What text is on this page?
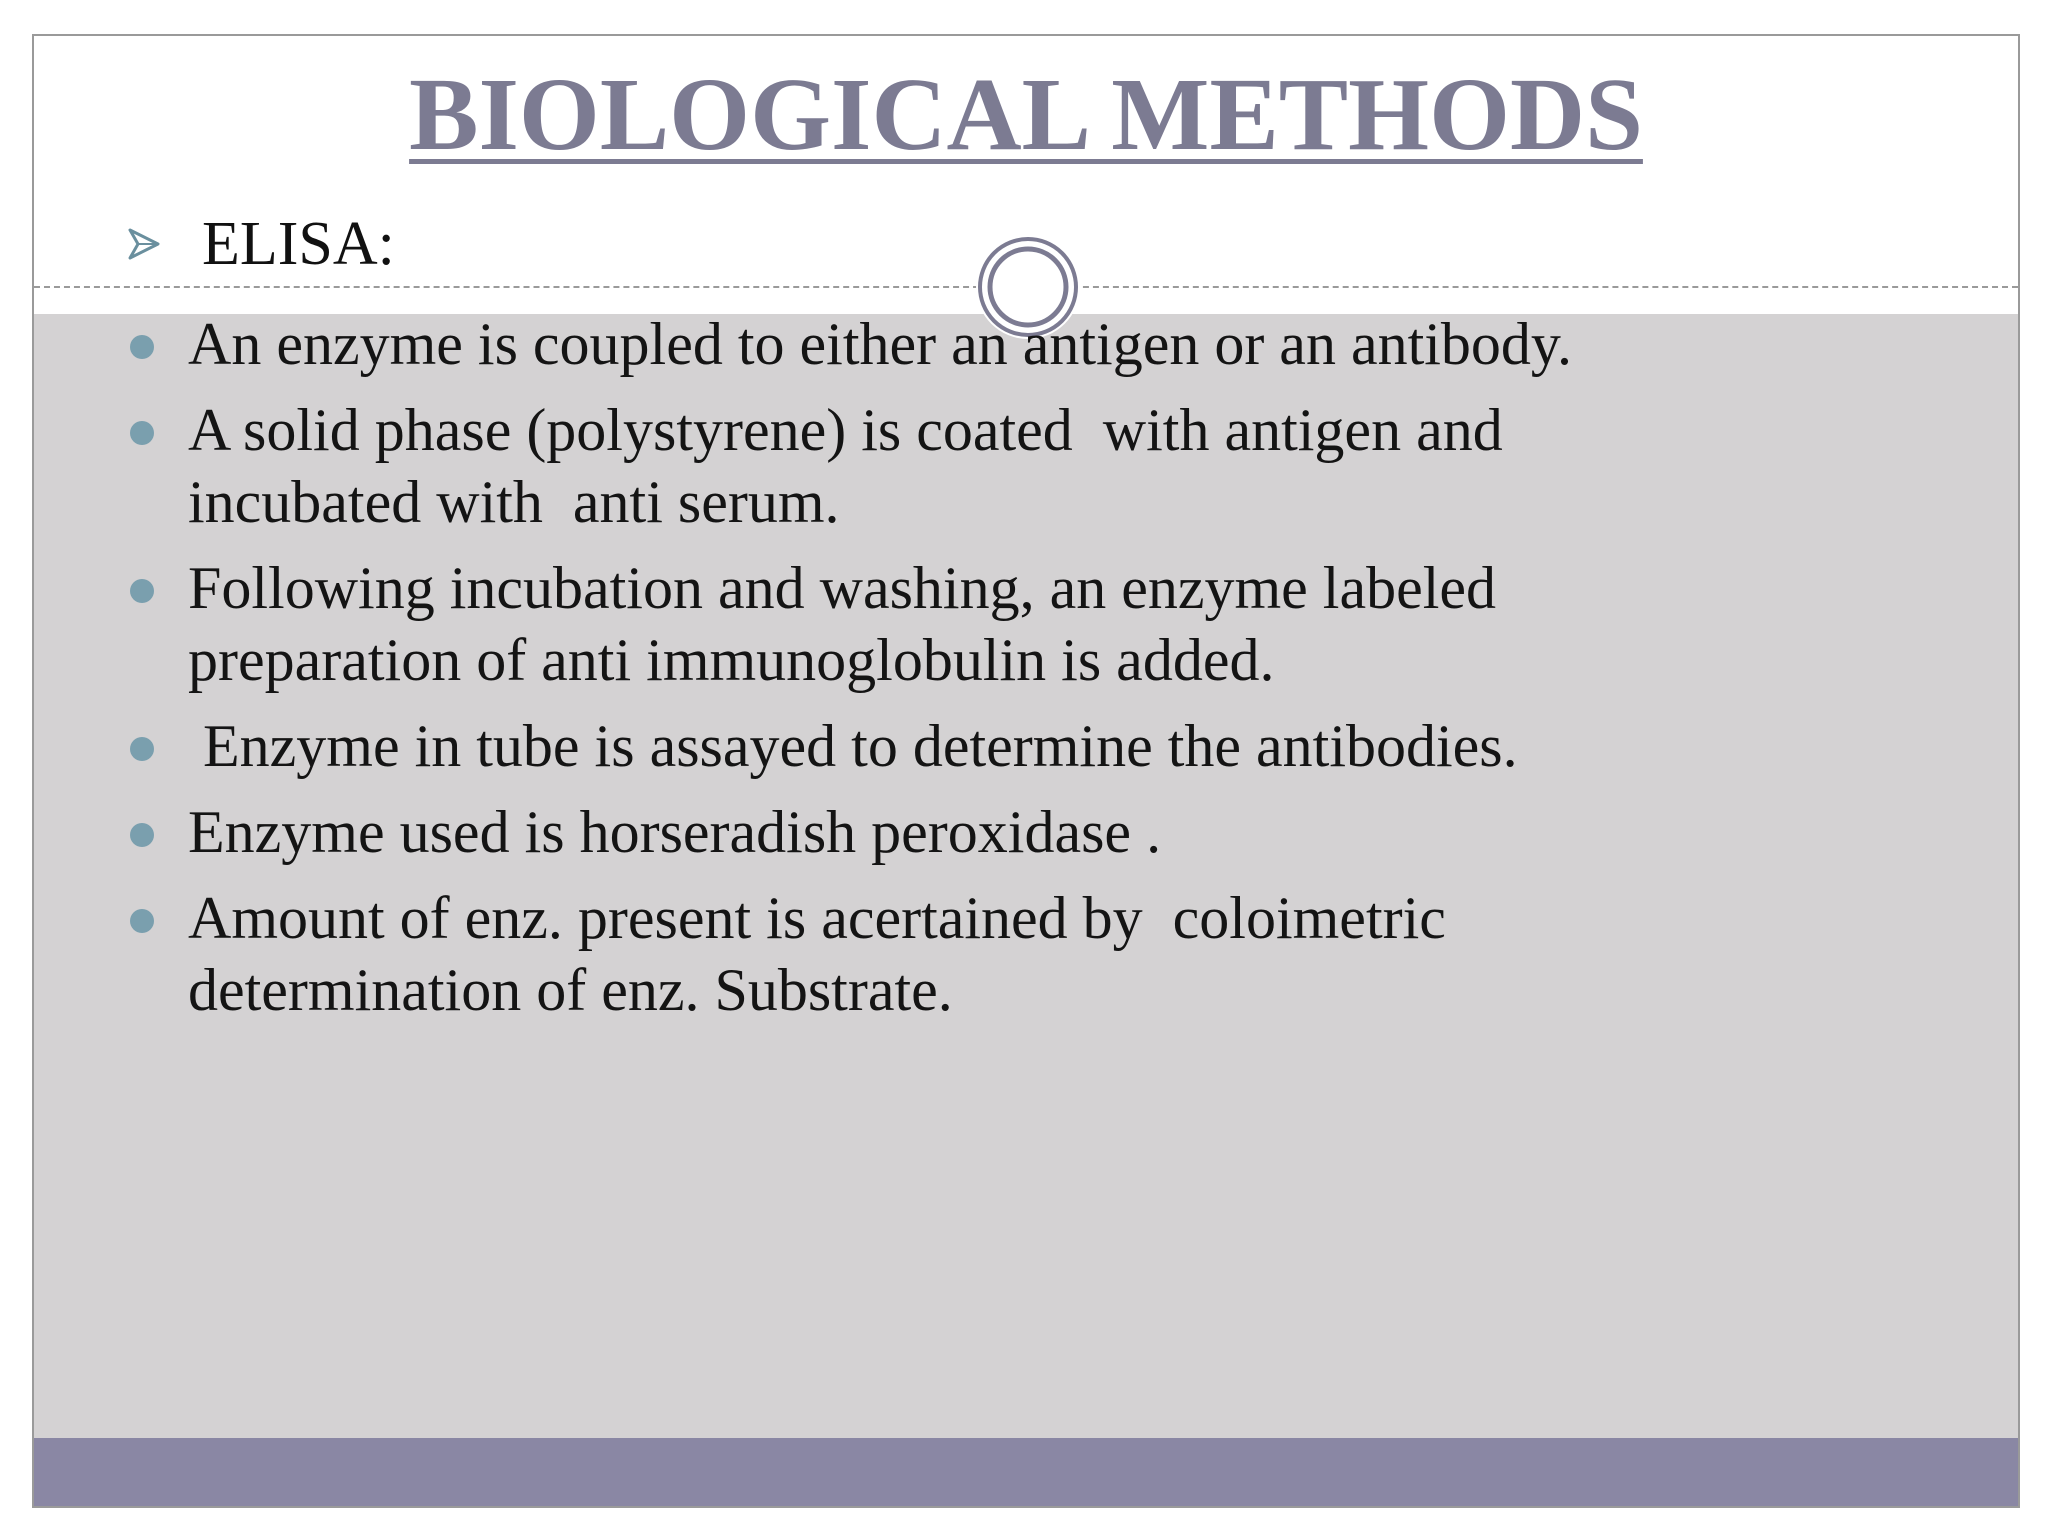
BIOLOGICAL METHODS
ELISA:
An enzyme is coupled to either an antigen or an antibody.
A solid phase (polystyrene) is coated  with antigen and
incubated with  anti serum.
Following incubation and washing, an enzyme labeled
preparation of anti immunoglobulin is added.
Enzyme in tube is assayed to determine the antibodies.
Enzyme used is horseradish peroxidase .
Amount of enz. present is acertained by  coloimetric
determination of enz. Substrate.
